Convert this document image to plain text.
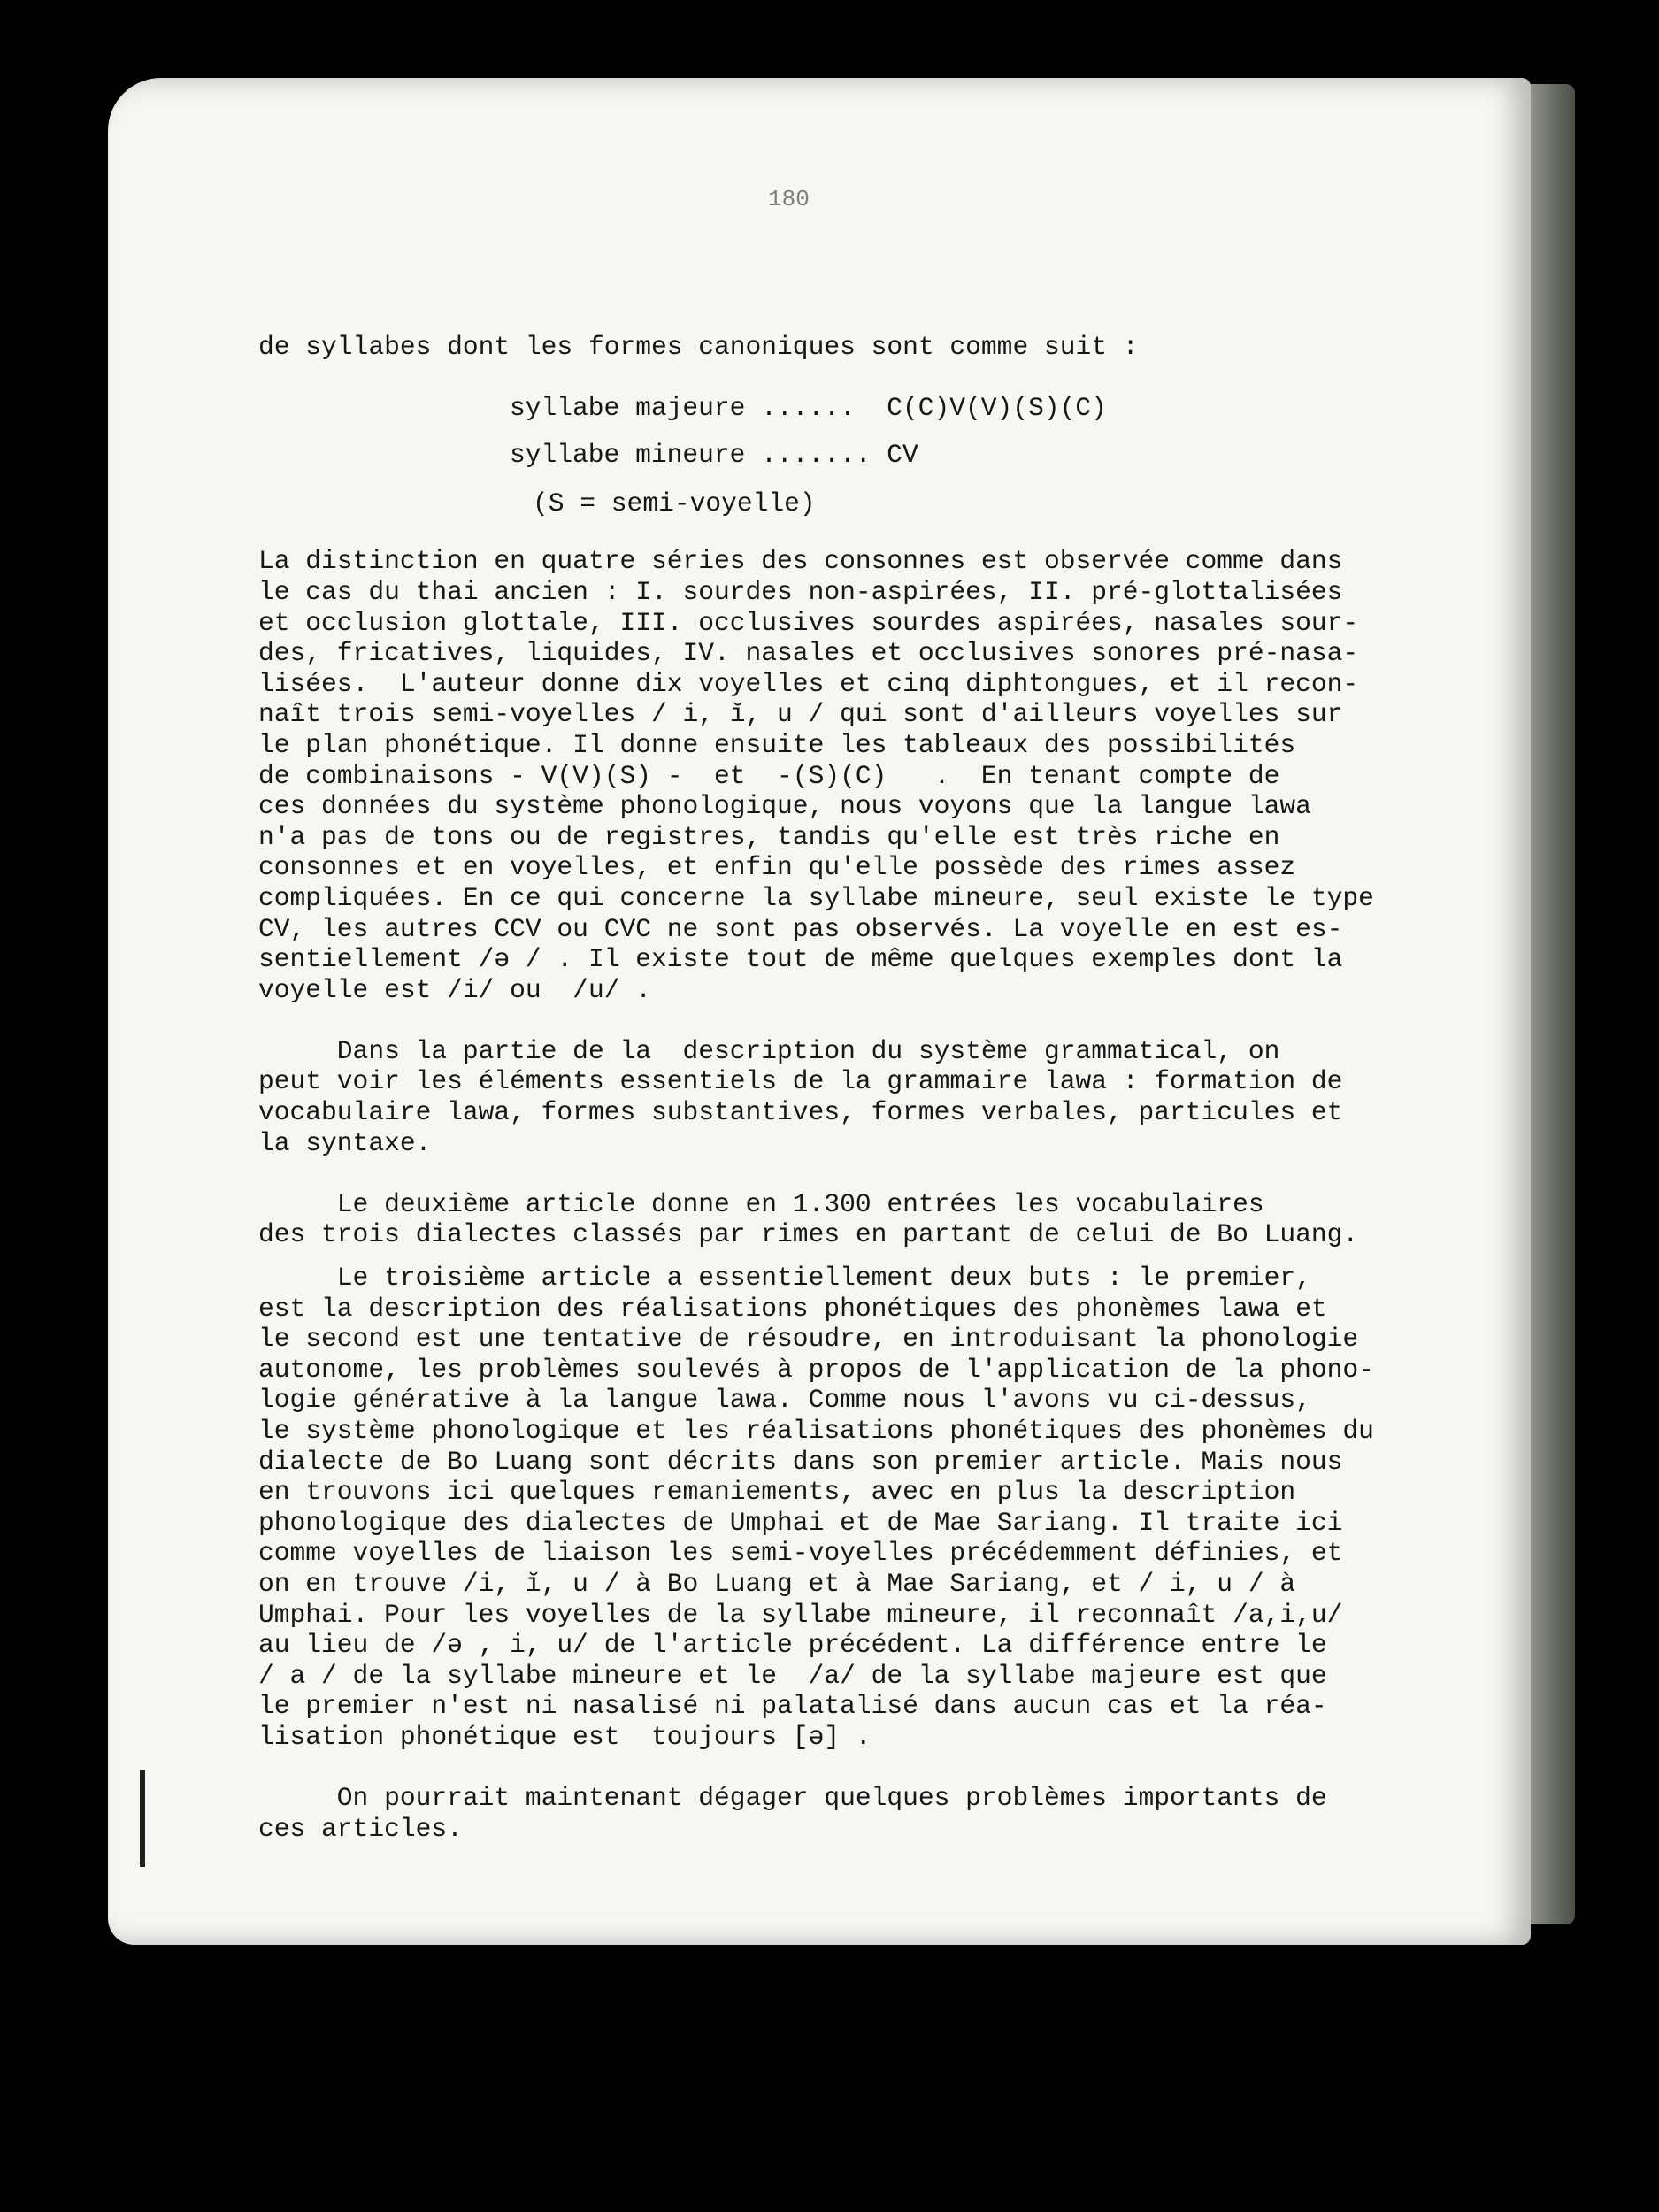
180
de syllabes dont les formes canoniques sont comme suit :
syllabe majeure ...... C(C)V(V)(S)(C)
syllabe mineure ....... CV
(S = semi-voyelle)
La distinction en quatre séries des consonnes est observée comme dans
le cas du thai ancien : I. sourdes non-aspirées, II. pré-glottalisées
et occlusion glottale, III. occlusives sourdes aspirées, nasales sour-
des, fricatives, liquides, IV. nasales et occlusives sonores pré-nasa-
lisées.  L'auteur donne dix voyelles et cinq diphtongues, et il recon-
naît trois semi-voyelles / i, ĭ, u / qui sont d'ailleurs voyelles sur
le plan phonétique. Il donne ensuite les tableaux des possibilités
de combinaisons - V(V)(S) -  et  -(S)(C)   .  En tenant compte de
ces données du système phonologique, nous voyons que la langue lawa
n'a pas de tons ou de registres, tandis qu'elle est très riche en
consonnes et en voyelles, et enfin qu'elle possède des rimes assez
compliquées. En ce qui concerne la syllabe mineure, seul existe le type
CV, les autres CCV ou CVC ne sont pas observés. La voyelle en est es-
sentiellement /ə / . Il existe tout de même quelques exemples dont la
voyelle est /i/ ou  /u/ .
Dans la partie de la  description du système grammatical, on
peut voir les éléments essentiels de la grammaire lawa : formation de
vocabulaire lawa, formes substantives, formes verbales, particules et
la syntaxe.
Le deuxième article donne en 1.300 entrées les vocabulaires
des trois dialectes classés par rimes en partant de celui de Bo Luang.
Le troisième article a essentiellement deux buts : le premier,
est la description des réalisations phonétiques des phonèmes lawa et
le second est une tentative de résoudre, en introduisant la phonologie
autonome, les problèmes soulevés à propos de l'application de la phono-
logie générative à la langue lawa. Comme nous l'avons vu ci-dessus,
le système phonologique et les réalisations phonétiques des phonèmes du
dialecte de Bo Luang sont décrits dans son premier article. Mais nous
en trouvons ici quelques remaniements, avec en plus la description
phonologique des dialectes de Umphai et de Mae Sariang. Il traite ici
comme voyelles de liaison les semi-voyelles précédemment définies, et
on en trouve /i, ĭ, u / à Bo Luang et à Mae Sariang, et / i, u / à
Umphai. Pour les voyelles de la syllabe mineure, il reconnaît /a,i,u/
au lieu de /ə , i, u/ de l'article précédent. La différence entre le
/ a / de la syllabe mineure et le  /a/ de la syllabe majeure est que
le premier n'est ni nasalisé ni palatalisé dans aucun cas et la réa-
lisation phonétique est  toujours [ə] .
On pourrait maintenant dégager quelques problèmes importants de
ces articles.
